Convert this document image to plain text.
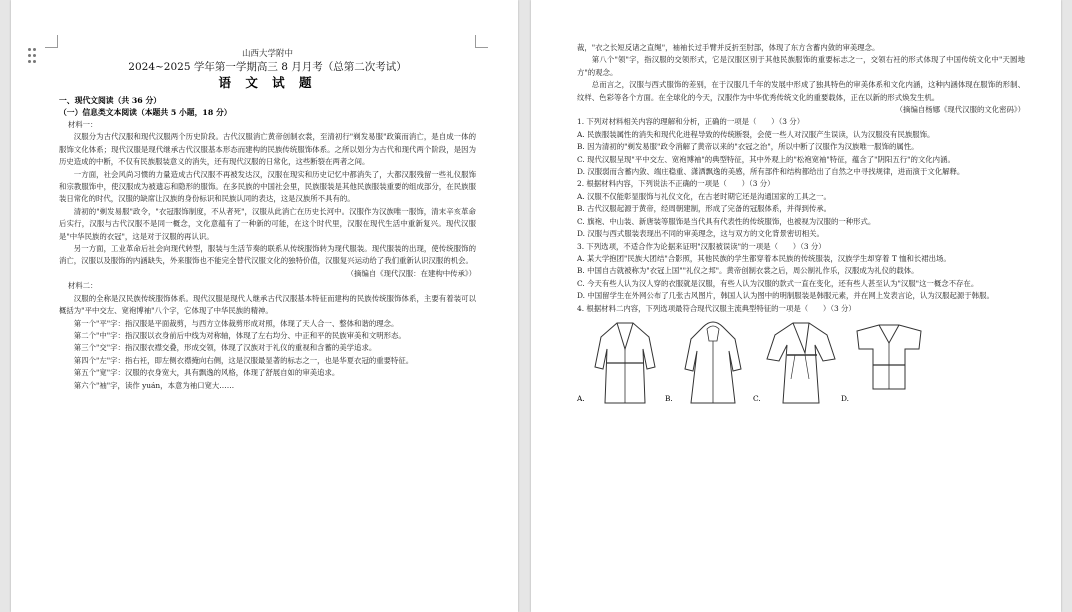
山西大学附中
2024~2025 学年第一学期高三 8 月月考（总第二次考试）
语 文 试 题
一、现代文阅读（共 36 分）
（一）信息类文本阅读（本题共 5 小题，18 分）
材料一：

汉服分为古代汉服和现代汉服两个历史阶段。古代汉服消亡黄帝创制衣裳，至清初行"剃发易服"政策而消亡，是自成一体的服饰文化体系；现代汉服是现代继承古代汉服基本形态而建构的民族传统服饰体系。之所以划分为古代和现代两个阶段，是因为历史造成的中断，不仅有民族服装意义的消失，还有现代汉服的日常化，这些断裂在两者之间。

一方面，社会风尚习惯的力量造成古代汉服不再被发达汉，汉服在现实和历史记忆中都消失了，大都汉服残留一些礼仪服饰和宗教服饰中，使汉服成为被遗忘和隐形的服饰。在多民族的中国社会里，民族服装是其他民族服装重要的组成部分，在民族服装日常化的时代，汉服的缺席让汉族的身份标识和民族认同的表达，这是汉族所不具有的。

清初的"剃发易服"政令，"衣冠服饰制度，不从者死"，汉服从此消亡在历史长河中。汉服作为汉族唯一服饰，清末辛亥革命后实行，汉服与古代汉服不是同一概念，文化意蕴有了一种新的可能，在这个时代里，汉服在现代生活中重新复兴。现代汉服是"中华民族的衣冠"，这是对于汉服的再认识。

另一方面，工业革命后社会向现代转型，服装与生活节奏的联系从传统服饰转为现代服装。现代服装的出现，使传统服饰的消亡，汉服以及服饰的内涵缺失，外来服饰也不能完全替代汉服文化的独特价值，汉服复兴运动给了我们重新认识汉服的机会。

（摘编自《现代汉服：在建构中传承》）

材料二：

汉服的全称是汉民族传统服饰体系。现代汉服是现代人继承古代汉服基本特征而建构的民族传统服饰体系，主要有着装可以概括为"平中交左、宽袍博袖"八个字，它体现了中华民族的精神。

第一个"平"字：指汉服是平面裁剪，与西方立体裁剪形成对照，体现了天人合一、整体和谐的理念。

第二个"中"字：指汉服以衣身前后中线为对称轴，体现了左右均分、中正和平的民族审美和文明形态。

第三个"交"字：指汉服衣襟交叠，形成交领，体现了汉族对于礼仪的重视和含蓄的美学追求。

第四个"左"字：指右衽，即左侧衣襟掩向右侧，这是汉服最显著的标志之一，也是华夏衣冠的重要特征。

第五个"宽"字：汉服的衣身宽大，具有飘逸的风格，体现了舒展自如的审美追求。

第六个"袖"字，读作 yuán，本意为袖口宽大……

裁，"衣之长短反诸之直绳"，袖袖长过手臂并反折至肘部，体现了东方含蓄内敛的审美理念。

第八个"领"字，指汉服的交领形式，它是汉服区别于其他民族服饰的重要标志之一，交领右衽的形式体现了中国传统文化中"天圆地方"的观念。

总而言之，汉服与西式服饰的差别，在于汉服几千年的发展中形成了独具特色的审美体系和文化内涵，这种内涵体现在服饰的形制、纹样、色彩等各个方面。在全球化的今天，汉服作为中华优秀传统文化的重要载体，正在以新的形式焕发生机。

（摘编自杨娜《现代汉服的文化密码》）

1. 下列对材料相关内容的理解和分析，正确的一项是（　　）（3 分）

A. 民族服装属性的消失和现代化进程导致的传统断裂，会使一些人对汉服产生误读，认为汉服没有民族服饰。

B. 因为清初的"剃发易服"政令消解了黄帝以来的"衣冠之治"，所以中断了汉服作为汉族唯一服饰的属性。

C. 现代汉服呈现"平中交左、宽袍博袖"的典型特征，其中外观上的"松袍宽袖"特征，蕴含了"阴阳五行"的文化内涵。

D. 汉服弱而含蓄内敛、端庄稳重、潇洒飘逸的美感，所有部件和结构都给出了自然之中寻找规律，进而演于文化解释。

2. 根据材料内容，下列说法不正确的一项是（　　）（3 分）

A. 汉服不仅能彰显服饰与礼仪文化，在古老时期它还是沟通国家的工具之一。

B. 古代汉服起源于黄帝，经周朝建制，形成了完备的冠服体系，并得到传承。

C. 旗袍、中山装、新唐装等服饰是当代具有代表性的传统服饰，也被视为汉服的一种形式。

D. 汉服与西式服装表现出不同的审美理念，这与双方的文化背景密切相关。

3. 下列选项，不适合作为论据来证明"汉服被误读"的一项是（　　）（3 分）

A. 某大学抱团"民族大团结"合影照，其他民族的学生都穿着本民族的传统服装，汉族学生却穿着 T 恤和长裙出场。

B. 中国自古就被称为"衣冠上国""礼仪之邦"。黄帝创制衣裳之后，周公制礼作乐，汉服成为礼仪的载体。

C. 今天有些人认为汉人穿的衣服就是汉服，有些人认为汉服的款式一直在变化，还有些人甚至认为"汉服"这一概念不存在。

D. 中国留学生在外网公布了几张古风图片，韩国人认为图中的明制服装是韩服元素，并在网上发表言论，认为汉服起源于韩服。

4. 根据材料二内容，下列选项最符合现代汉服主流典型特征的一项是（　　）（3 分）

A.	B.	C.	D.
